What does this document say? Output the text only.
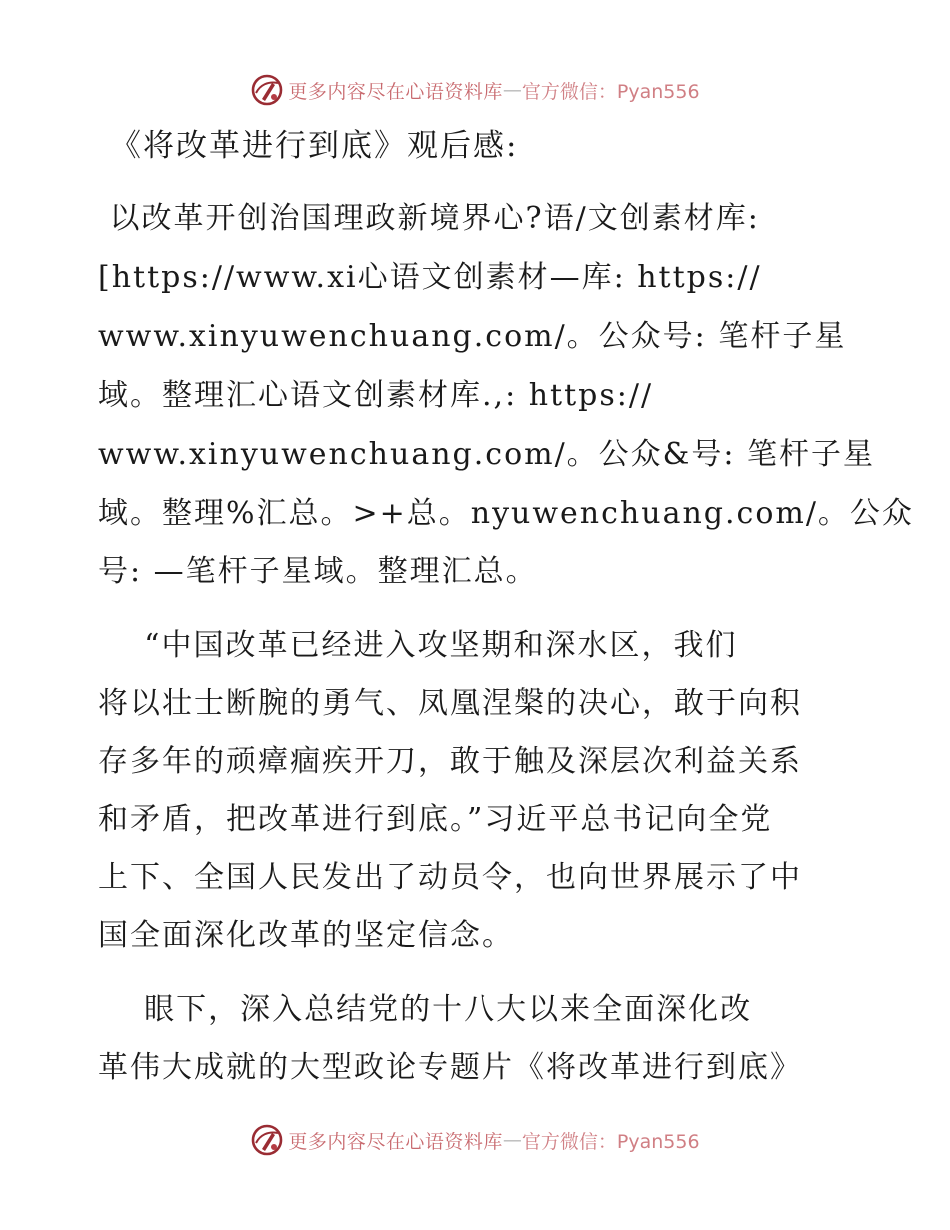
更多内容尽在心语资料库 — 官方微信：Pyan556
《将改革进行到底》观后感:
以改革开创治国理政新境界心?语/文创素材库:
[https://www.xi心语文创素材—库: https://
www.xinyuwenchuang.com/。公众号: 笔杆子星
域。整理汇心语文创素材库.,: https://
www.xinyuwenchuang.com/。公众&号: 笔杆子星
域。整理%汇总。>+总。nyuwenchuang.com/。公众
号: —笔杆子星域。整理汇总。
“中国改革已经进入攻坚期和深水区，我们
将以壮士断腕的勇气、凤凰涅槃的决心，敢于向积
存多年的顽瘴痼疾开刀，敢于触及深层次利益关系
和矛盾，把改革进行到底。”习近平总书记向全党
上下、全国人民发出了动员令，也向世界展示了中
国全面深化改革的坚定信念。
眼下，深入总结党的十八大以来全面深化改
革伟大成就的大型政论专题片《将改革进行到底》
更多内容尽在心语资料库 — 官方微信：Pyan556
